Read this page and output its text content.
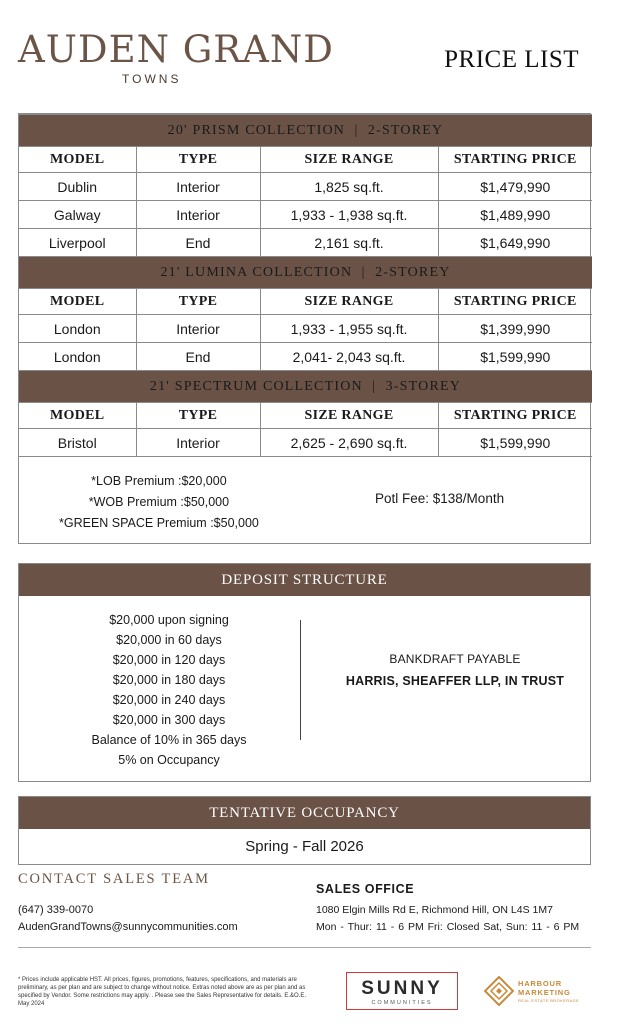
AUDEN GRAND
TOWNS
PRICE LIST
20' PRISM COLLECTION  |  2-STOREY			
MODEL	TYPE	SIZE RANGE	STARTING PRICE
Dublin	Interior	1,825 sq.ft.	$1,479,990
Galway	Interior	1,933 - 1,938 sq.ft.	$1,489,990
Liverpool	End	2,161 sq.ft.	$1,649,990
21' LUMINA COLLECTION  |  2-STOREY			
MODEL	TYPE	SIZE RANGE	STARTING PRICE
London	Interior	1,933 - 1,955 sq.ft.	$1,399,990
London	End	2,041- 2,043 sq.ft.	$1,599,990
21' SPECTRUM COLLECTION  |  3-STOREY			
MODEL	TYPE	SIZE RANGE	STARTING PRICE
Bristol	Interior	2,625 - 2,690 sq.ft.	$1,599,990
*LOB Premium :$20,000
*WOB Premium :$50,000
*GREEN SPACE Premium :$50,000
Potl Fee: $138/Month
DEPOSIT STRUCTURE
$20,000 upon signing
$20,000 in 60 days
$20,000 in 120 days
$20,000 in 180 days
$20,000 in 240 days
$20,000 in 300 days
Balance of 10% in 365 days
5% on Occupancy
BANKDRAFT PAYABLE
HARRIS, SHEAFFER LLP, IN TRUST
TENTATIVE OCCUPANCY
Spring - Fall 2026
CONTACT SALES TEAM
(647) 339-0070
AudenGrandTowns@sunnycommunities.com
SALES OFFICE
1080 Elgin Mills Rd E, Richmond Hill, ON L4S 1M7
Mon - Thur: 11 - 6 PM Fri: Closed Sat, Sun: 11 - 6 PM
* Prices include applicable HST. All prices, figures, promotions, features, specifications, and materials are preliminary, as per plan and are subject to change without notice. Extras noted above are as per plan and as specified by Vendor. Some restrictions may apply. . Please see the Sales Representative for details. E.&O.E. May 2024
SUNNY
COMMUNITIES
HARBOUR
MARKETING
REAL ESTATE BROKERAGE
